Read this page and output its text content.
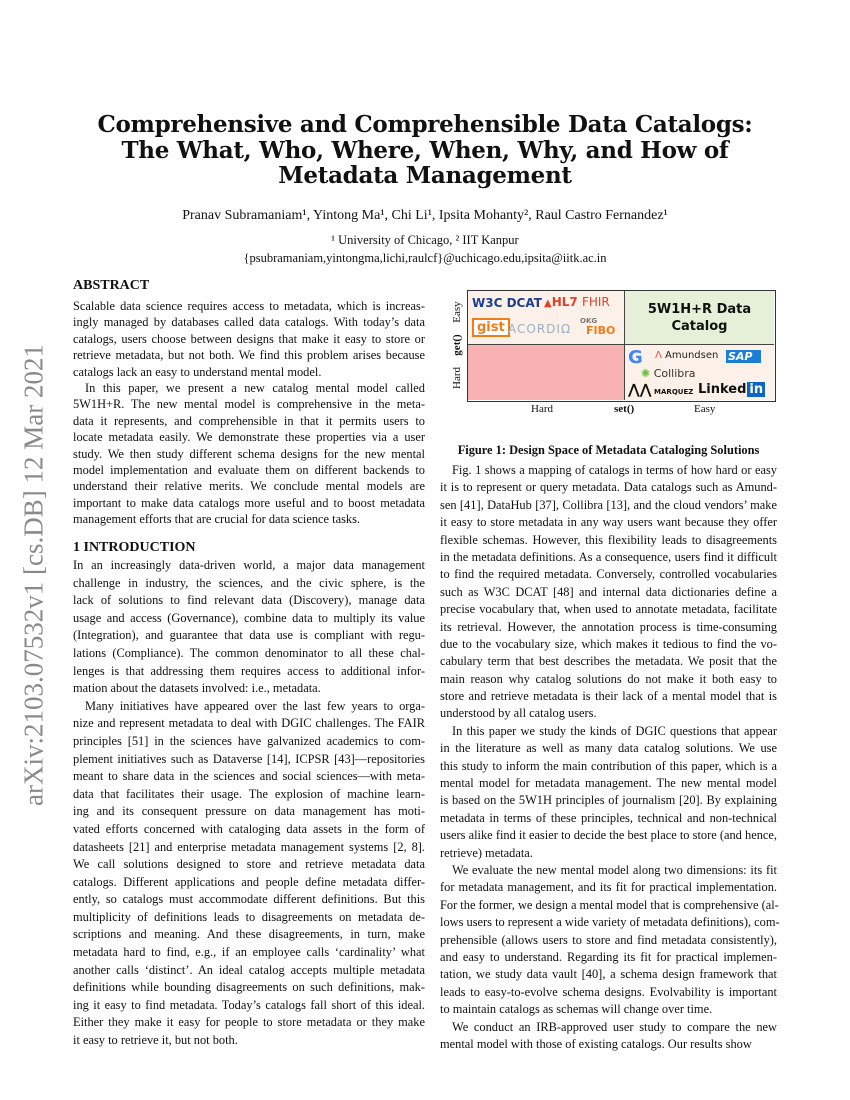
arXiv:2103.07532v1 [cs.DB] 12 Mar 2021
Comprehensive and Comprehensible Data Catalogs:
The What, Who, Where, When, Why, and How of
Metadata Management
Pranav Subramaniam¹, Yintong Ma¹, Chi Li¹, Ipsita Mohanty², Raul Castro Fernandez¹
¹ University of Chicago, ² IIT Kanpur
{psubramaniam,yintongma,lichi,raulcf}@uchicago.edu,ipsita@iitk.ac.in
ABSTRACT
Scalable data science requires access to metadata, which is increas-
ingly managed by databases called data catalogs. With today’s data
catalogs, users choose between designs that make it easy to store or
retrieve metadata, but not both. We find this problem arises because
catalogs lack an easy to understand mental model.
In this paper, we present a new catalog mental model called
5W1H+R. The new mental model is comprehensive in the meta-
data it represents, and comprehensible in that it permits users to
locate metadata easily. We demonstrate these properties via a user
study. We then study different schema designs for the new mental
model implementation and evaluate them on different backends to
understand their relative merits. We conclude mental models are
important to make data catalogs more useful and to boost metadata
management efforts that are crucial for data science tasks.
1 INTRODUCTION
In an increasingly data-driven world, a major data management
challenge in industry, the sciences, and the civic sphere, is the
lack of solutions to find relevant data (Discovery), manage data
usage and access (Governance), combine data to multiply its value
(Integration), and guarantee that data use is compliant with regu-
lations (Compliance). The common denominator to all these chal-
lenges is that addressing them requires access to additional infor-
mation about the datasets involved: i.e., metadata.
Many initiatives have appeared over the last few years to orga-
nize and represent metadata to deal with DGIC challenges. The FAIR
principles [51] in the sciences have galvanized academics to com-
plement initiatives such as Dataverse [14], ICPSR [43]—repositories
meant to share data in the sciences and social sciences—with meta-
data that facilitates their usage. The explosion of machine learn-
ing and its consequent pressure on data management has moti-
vated efforts concerned with cataloging data assets in the form of
datasheets [21] and enterprise metadata management systems [2, 8].
We call solutions designed to store and retrieve metadata data
catalogs. Different applications and people define metadata differ-
ently, so catalogs must accommodate different definitions. But this
multiplicity of definitions leads to disagreements on metadata de-
scriptions and meaning. And these disagreements, in turn, make
metadata hard to find, e.g., if an employee calls ‘cardinality’ what
another calls ‘distinct’. An ideal catalog accepts multiple metadata
definitions while bounding disagreements on such definitions, mak-
ing it easy to find metadata. Today’s catalogs fall short of this ideal.
Either they make it easy for people to store metadata or they make
it easy to retrieve it, but not both.
Easy
get()
Hard
W3C DCAT ▲HL7 FHIR
gist ACORDIΩ
OKG
FIBO
5W1H+R Data
Catalog
G Λ Amundsen SAP
✺ Collibra
⋀⋀ MARQUEZ Linked in
Hard	set()	Easy
Figure 1: Design Space of Metadata Cataloging Solutions
Fig. 1 shows a mapping of catalogs in terms of how hard or easy
it is to represent or query metadata. Data catalogs such as Amund-
sen [41], DataHub [37], Collibra [13], and the cloud vendors’ make
it easy to store metadata in any way users want because they offer
flexible schemas. However, this flexibility leads to disagreements
in the metadata definitions. As a consequence, users find it difficult
to find the required metadata. Conversely, controlled vocabularies
such as W3C DCAT [48] and internal data dictionaries define a
precise vocabulary that, when used to annotate metadata, facilitate
its retrieval. However, the annotation process is time-consuming
due to the vocabulary size, which makes it tedious to find the vo-
cabulary term that best describes the metadata. We posit that the
main reason why catalog solutions do not make it both easy to
store and retrieve metadata is their lack of a mental model that is
understood by all catalog users.
In this paper we study the kinds of DGIC questions that appear
in the literature as well as many data catalog solutions. We use
this study to inform the main contribution of this paper, which is a
mental model for metadata management. The new mental model
is based on the 5W1H principles of journalism [20]. By explaining
metadata in terms of these principles, technical and non-technical
users alike find it easier to decide the best place to store (and hence,
retrieve) metadata.
We evaluate the new mental model along two dimensions: its fit
for metadata management, and its fit for practical implementation.
For the former, we design a mental model that is comprehensive (al-
lows users to represent a wide variety of metadata definitions), com-
prehensible (allows users to store and find metadata consistently),
and easy to understand. Regarding its fit for practical implemen-
tation, we study data vault [40], a schema design framework that
leads to easy-to-evolve schema designs. Evolvability is important
to maintain catalogs as schemas will change over time.
We conduct an IRB-approved user study to compare the new
mental model with those of existing catalogs. Our results show
